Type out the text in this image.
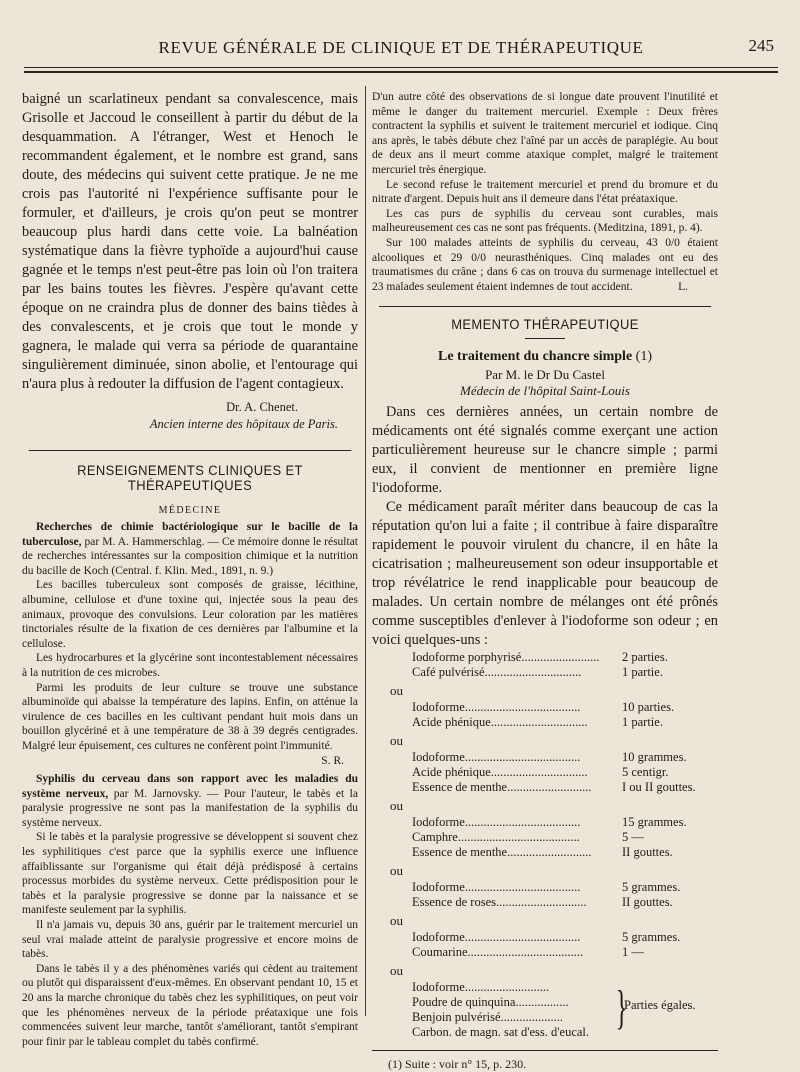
REVUE GÉNÉRALE DE CLINIQUE ET DE THÉRAPEUTIQUE	245

baigné un scarlatineux pendant sa convalescence, mais Grisolle et Jaccoud le conseillent à partir du début de la desquammation. A l'étranger, West et Henoch le recommandent également, et le nombre est grand, sans doute, des médecins qui suivent cette pratique. Je ne me crois pas l'autorité ni l'expérience suffisante pour le formuler, et d'ailleurs, je crois qu'on peut se montrer beaucoup plus hardi dans cette voie. La balnéation systématique dans la fièvre typhoïde a aujourd'hui cause gagnée et le temps n'est peut-être pas loin où l'on traitera par les bains toutes les fièvres. J'espère qu'avant cette époque on ne craindra plus de donner des bains tièdes à des convalescents, et je crois que tout le monde y gagnera, le malade qui verra sa période de quarantaine singulièrement diminuée, sinon abolie, et l'entourage qui n'aura plus à redouter la diffusion de l'agent contagieux.

Dr. A. Chenet.
Ancien interne des hôpitaux de Paris.
RENSEIGNEMENTS CLINIQUES ET THÉRAPEUTIQUES
MÉDECINE

Recherches de chimie bactériologique sur le bacille de la tuberculose, par M. A. Hammerschlag. — Ce mémoire donne le résultat de recherches intéressantes sur la composition chimique et la nutrition du bacille de Koch (Central. f. Klin. Med., 1891, n. 9.)

Les bacilles tuberculeux sont composés de graisse, lécithine, albumine, cellulose et d'une toxine qui, injectée sous la peau des animaux, provoque des convulsions. Leur coloration par les matières tinctoriales résulte de la fixation de ces dernières par l'albumine et la cellulose.

Les hydrocarbures et la glycérine sont incontestablement nécessaires à la nutrition de ces microbes.

Parmi les produits de leur culture se trouve une substance albuminoïde qui abaisse la température des lapins. Enfin, on atténue la virulence de ces bacilles en les cultivant pendant huit mois dans un bouillon glycériné et à une température de 38 à 39 degrés centigrades. Malgré leur épuisement, ces cultures ne confèrent point l'immunité.

S. R.

Syphilis du cerveau dans son rapport avec les maladies du système nerveux, par M. Jarnovsky. — Pour l'auteur, le tabès et la paralysie progressive ne sont pas la manifestation de la syphilis du système nerveux.

Si le tabès et la paralysie progressive se développent si souvent chez les syphilitiques c'est parce que la syphilis exerce une influence affaiblissante sur l'organisme qui était déjà prédisposé à certains processus morbides du système nerveux. Cette prédisposition pour le tabès et la paralysie progressive se donne par la naissance et se manifeste seulement par la syphilis.

Il n'a jamais vu, depuis 30 ans, guérir par le traitement mercuriel un seul vrai malade atteint de paralysie progressive et encore moins de tabès.

Dans le tabès il y a des phénomènes variés qui cèdent au traitement ou plutôt qui disparaissent d'eux-mêmes. En observant pendant 10, 15 et 20 ans la marche chronique du tabès chez les syphilitiques, on peut voir que les phénomènes nerveux de la période préataxique une fois commencées suivent leur marche, tantôt s'améliorant, tantôt s'empirant pour finir par le tableau complet du tabès confirmé.

D'un autre côté des observations de si longue date prouvent l'inutilité et même le danger du traitement mercuriel. Exemple : Deux frères contractent la syphilis et suivent le traitement mercuriel et iodique. Cinq ans après, le tabès débute chez l'aîné par un accès de paraplégie. Au bout de deux ans il meurt comme ataxique complet, malgré le traitement mercuriel très énergique.

Le second refuse le traitement mercuriel et prend du bromure et du nitrate d'argent. Depuis huit ans il demeure dans l'état préataxique.

Les cas purs de syphilis du cerveau sont curables, mais malheureusement ces cas ne sont pas fréquents. (Meditzina, 1891, p. 4).

Sur 100 malades atteints de syphilis du cerveau, 43 0/0 étaient alcooliques et 29 0/0 neurasthéniques. Cinq malades ont eu des traumatismes du crâne ; dans 6 cas on trouva du surmenage intellectuel et 23 malades seulement étaient indemnes de tout accident.	L.

MEMENTO THÉRAPEUTIQUE
Le traitement du chancre simple (1)
Par M. le Dr Du Castel
Médecin de l'hôpital Saint-Louis

Dans ces dernières années, un certain nombre de médicaments ont été signalés comme exerçant une action particulièrement heureuse sur le chancre simple ; parmi eux, il convient de mentionner en première ligne l'iodoforme.

Ce médicament paraît mériter dans beaucoup de cas la réputation qu'on lui a faite ; il contribue à faire disparaître rapidement le pouvoir virulent du chancre, il en hâte la cicatrisation ; malheureusement son odeur insupportable et trop révélatrice le rend inapplicable pour beaucoup de malades. Un certain nombre de mélanges ont été prônés comme susceptibles d'enlever à l'iodoforme son odeur ; en voici quelques-uns :

Iodoforme porphyrisé.........................	2 parties.
Café pulvérisé...............................	1 partie.
ou
Iodoforme.....................................	10 parties.
Acide phénique...............................	1 partie.
ou
Iodoforme.....................................	10 grammes.
Acide phénique...............................	5 centigr.
Essence de menthe...........................	I ou II gouttes.
ou
Iodoforme.....................................	15 grammes.
Camphre.......................................	5 —
Essence de menthe...........................	II gouttes.
ou
Iodoforme.....................................	5 grammes.
Essence de roses.............................	II gouttes.
ou
Iodoforme.....................................	5 grammes.
Coumarine.....................................	1 —
ou
Iodoforme...........................
Poudre de quinquina.................
Benjoin pulvérisé....................
Carbon. de magn. sat d'ess. d'eucal. }
Parties égales.
(1) Suite : voir n° 15, p. 230.
